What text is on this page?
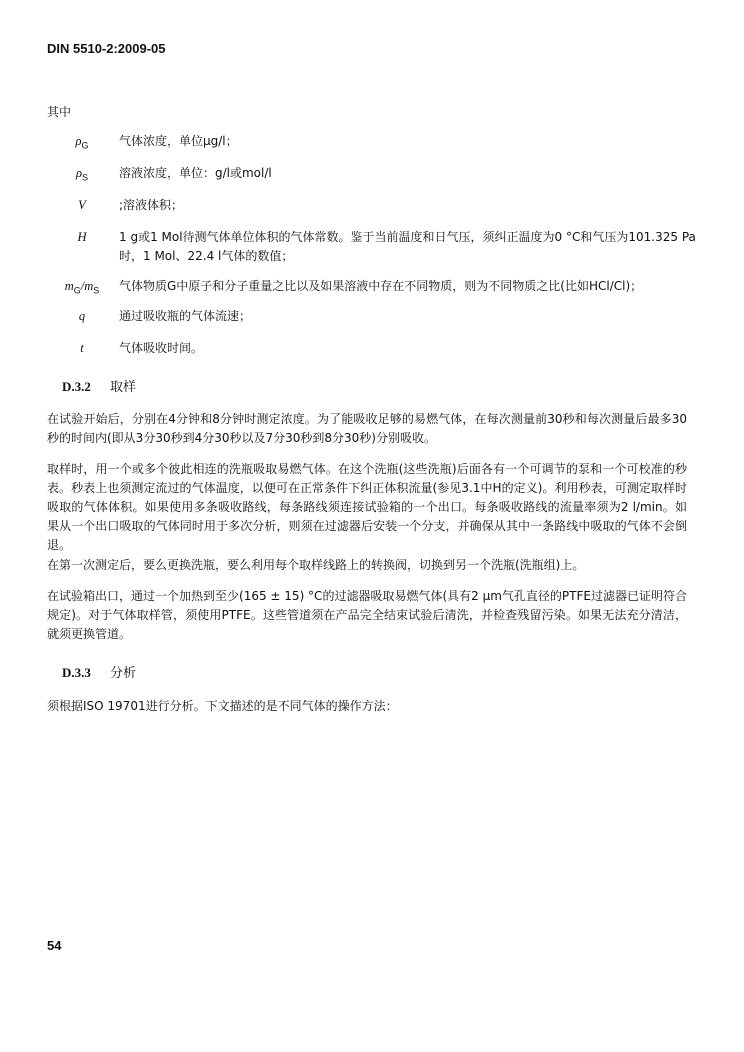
DIN 5510-2:2009-05
其中
$\rho_G$	气体浓度，单位μg/l；
$\rho_S$	溶液浓度，单位：g/l或mol/l
V	;溶液体积；
H	1 g或1 Mol待测气体单位体积的气体常数。鉴于当前温度和日气压，须纠正温度为0 °C和气压为101.325 Pa时，1 Mol、22.4 l气体的数值；
$m_G/m_S$	气体物质G中原子和分子重量之比以及如果溶液中存在不同物质，则为不同物质之比(比如HCl/Cl)；
q	通过吸收瓶的气体流速；
t	气体吸收时间。
D.3.2 取样
在试验开始后，分别在4分钟和8分钟时测定浓度。为了能吸收足够的易燃气体，在每次测量前30秒和每次测量后最多30秒的时间内(即从3分30秒到4分30秒以及7分30秒到8分30秒)分别吸收。
取样时，用一个或多个彼此相连的洗瓶吸取易燃气体。在这个洗瓶(这些洗瓶)后面各有一个可调节的泵和一个可校准的秒表。秒表上也须测定流过的气体温度，以便可在正常条件下纠正体积流量(参见3.1中H的定义)。利用秒表，可测定取样时吸取的气体体积。如果使用多条吸收路线，每条路线须连接试验箱的一个出口。每条吸收路线的流量率须为2 l/min。如果从一个出口吸取的气体同时用于多次分析，则须在过滤器后安装一个分支，并确保从其中一条路线中吸取的气体不会倒退。
在第一次测定后，要么更换洗瓶，要么利用每个取样线路上的转换阀，切换到另一个洗瓶(洗瓶组)上。
在试验箱出口，通过一个加热到至少(165 ± 15) °C的过滤器吸取易燃气体(具有2 μm气孔直径的PTFE过滤器已证明符合规定)。对于气体取样管，须使用PTFE。这些管道须在产品完全结束试验后清洗，并检查残留污染。如果无法充分清洁，就须更换管道。
D.3.3 分析
须根据ISO 19701进行分析。下文描述的是不同气体的操作方法：
54
